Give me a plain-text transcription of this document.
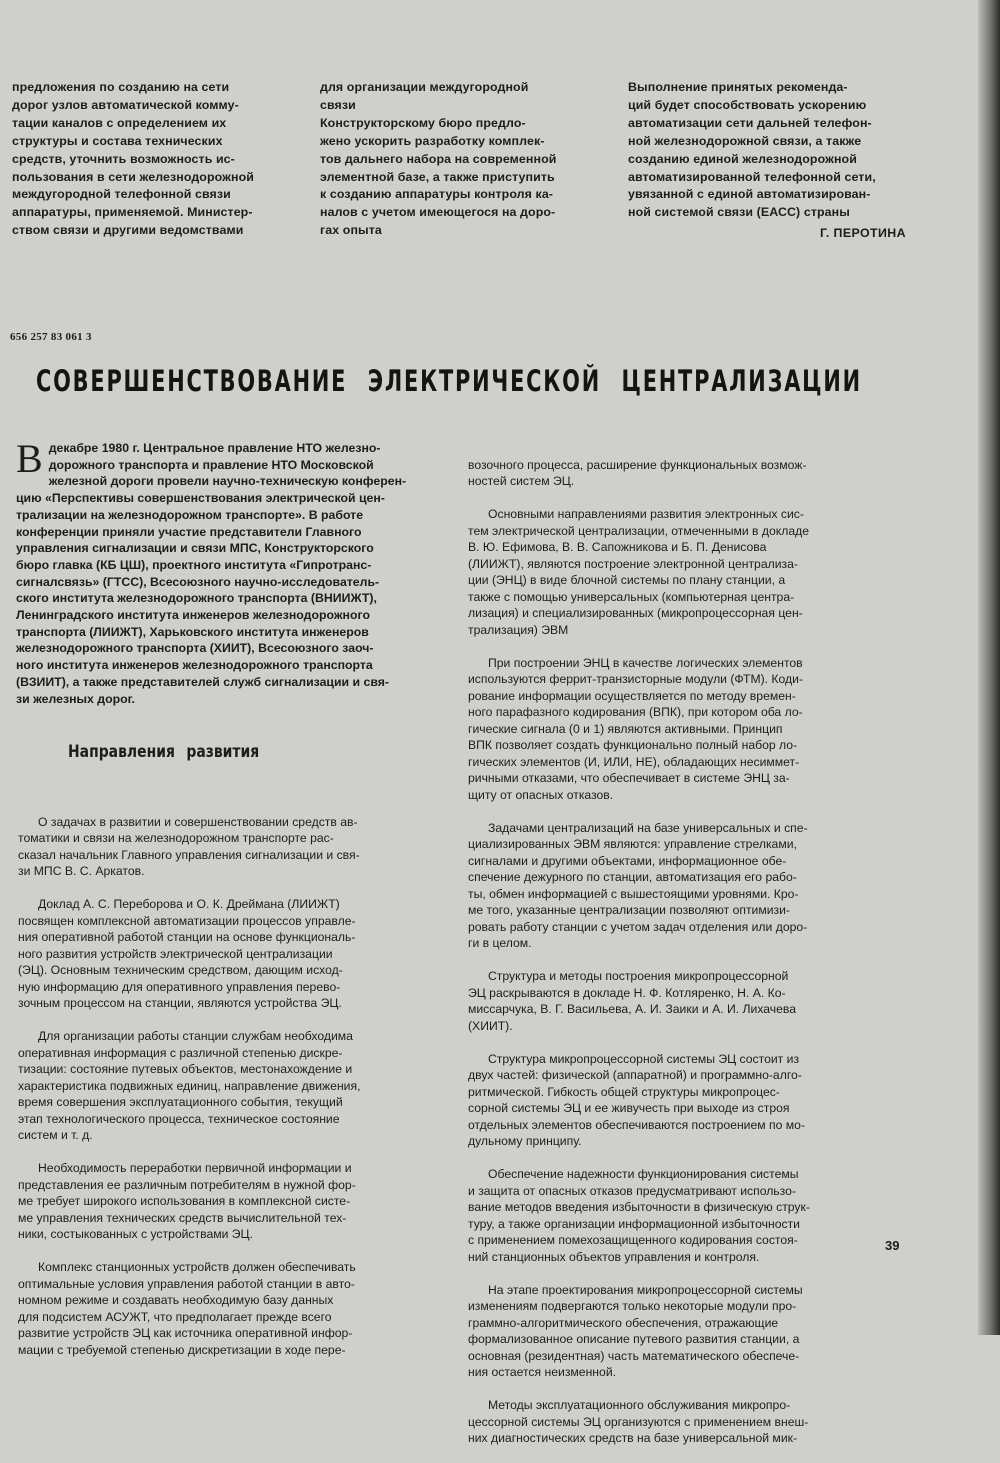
предложения по созданию на сети
дорог узлов автоматической комму-
тации каналов с определением их
структуры и состава технических
средств, уточнить возможность ис-
пользования в сети железнодорожной
междугородной телефонной связи
аппаратуры, применяемой. Министер-
ством связи и другими ведомствами
для организации междугородной
связи
Конструкторскому бюро предло-
жено ускорить разработку комплек-
тов дальнего набора на современной
элементной базе, а также приступить
к созданию аппаратуры контроля ка-
налов с учетом имеющегося на доро-
гах опыта
Выполнение принятых рекоменда-
ций будет способствовать ускорению
автоматизации сети дальней телефон-
ной железнодорожной связи, а также
созданию единой железнодорожной
автоматизированной телефонной сети,
увязанной с единой автоматизирован-
ной системой связи (ЕАСС) страны
Г. ПЕРОТИНА
656 257 83 061 3
СОВЕРШЕНСТВОВАНИЕ ЭЛЕКТРИЧЕСКОЙ ЦЕНТРАЛИЗАЦИИ
В декабре 1980 г. Центральное правление НТО железно-
дорожного транспорта и правление НТО Московской
железной дороги провели научно-техническую конферен-
цию «Перспективы совершенствования электрической цен-
трализации на железнодорожном транспорте». В работе
конференции приняли участие представители Главного
управления сигнализации и связи МПС, Конструкторского
бюро главка (КБ ЦШ), проектного института «Гипротранс-
сигналсвязь» (ГТСС), Всесоюзного научно-исследователь-
ского института железнодорожного транспорта (ВНИИЖТ),
Ленинградского института инженеров железнодорожного
транспорта (ЛИИЖТ), Харьковского института инженеров
железнодорожного транспорта (ХИИТ), Всесоюзного заоч-
ного института инженеров железнодорожного транспорта
(ВЗИИТ), а также представителей служб сигнализации и свя-
зи железных дорог.
Направления развития

О задачах в развитии и совершенствовании средств ав-
томатики и связи на железнодорожном транспорте рас-
сказал начальник Главного управления сигнализации и свя-
зи МПС В. С. Аркатов.

Доклад А. С. Переборова и О. К. Дреймана (ЛИИЖТ)
посвящен комплексной автоматизации процессов управле-
ния оперативной работой станции на основе функциональ-
ного развития устройств электрической централизации
(ЭЦ). Основным техническим средством, дающим исход-
ную информацию для оперативного управления перево-
зочным процессом на станции, являются устройства ЭЦ.

Для организации работы станции службам необходима
оперативная информация с различной степенью дискре-
тизации: состояние путевых объектов, местонахождение и
характеристика подвижных единиц, направление движения,
время совершения эксплуатационного события, текущий
этап технологического процесса, техническое состояние
систем и т. д.

Необходимость переработки первичной информации и
представления ее различным потребителям в нужной фор-
ме требует широкого использования в комплексной систе-
ме управления технических средств вычислительной тех-
ники, состыкованных с устройствами ЭЦ.

Комплекс станционных устройств должен обеспечивать
оптимальные условия управления работой станции в авто-
номном режиме и создавать необходимую базу данных
для подсистем АСУЖТ, что предполагает прежде всего
развитие устройств ЭЦ как источника оперативной инфор-
мации с требуемой степенью дискретизации в ходе пере-

возочного процесса, расширение функциональных возмож-
ностей систем ЭЦ.

Основными направлениями развития электронных сис-
тем электрической централизации, отмеченными в докладе
В. Ю. Ефимова, В. В. Сапожникова и Б. П. Денисова
(ЛИИЖТ), являются построение электронной централиза-
ции (ЭНЦ) в виде блочной системы по плану станции, а
также с помощью универсальных (компьютерная центра-
лизация) и специализированных (микропроцессорная цен-
трализация) ЭВМ

При построении ЭНЦ в качестве логических элементов
используются феррит-транзисторные модули (ФТМ). Коди-
рование информации осуществляется по методу времен-
ного парафазного кодирования (ВПК), при котором оба ло-
гические сигнала (0 и 1) являются активными. Принцип
ВПК позволяет создать функционально полный набор ло-
гических элементов (И, ИЛИ, НЕ), обладающих несиммет-
ричными отказами, что обеспечивает в системе ЭНЦ за-
щиту от опасных отказов.

Задачами централизаций на базе универсальных и спе-
циализированных ЭВМ являются: управление стрелками,
сигналами и другими объектами, информационное обе-
спечение дежурного по станции, автоматизация его рабо-
ты, обмен информацией с вышестоящими уровнями. Кро-
ме того, указанные централизации позволяют оптимизи-
ровать работу станции с учетом задач отделения или доро-
ги в целом.

Структура и методы построения микропроцессорной
ЭЦ раскрываются в докладе Н. Ф. Котляренко, Н. А. Ко-
миссарчука, В. Г. Васильева, А. И. Заики и А. И. Лихачева
(ХИИТ).

Структура микропроцессорной системы ЭЦ состоит из
двух частей: физической (аппаратной) и программно-алго-
ритмической. Гибкость общей структуры микропроцес-
сорной системы ЭЦ и ее живучесть при выходе из строя
отдельных элементов обеспечиваются построением по мо-
дульному принципу.

Обеспечение надежности функционирования системы
и защита от опасных отказов предусматривают использо-
вание методов введения избыточности в физическую струк-
туру, а также организации информационной избыточности
с применением помехозащищенного кодирования состоя-
ний станционных объектов управления и контроля.

На этапе проектирования микропроцессорной системы
изменениям подвергаются только некоторые модули про-
граммно-алгоритмического обеспечения, отражающие
формализованное описание путевого развития станции, а
основная (резидентная) часть математического обеспече-
ния остается неизменной.

Методы эксплуатационного обслуживания микропро-
цессорной системы ЭЦ организуются с применением внеш-
них диагностических средств на базе универсальной мик-

39
